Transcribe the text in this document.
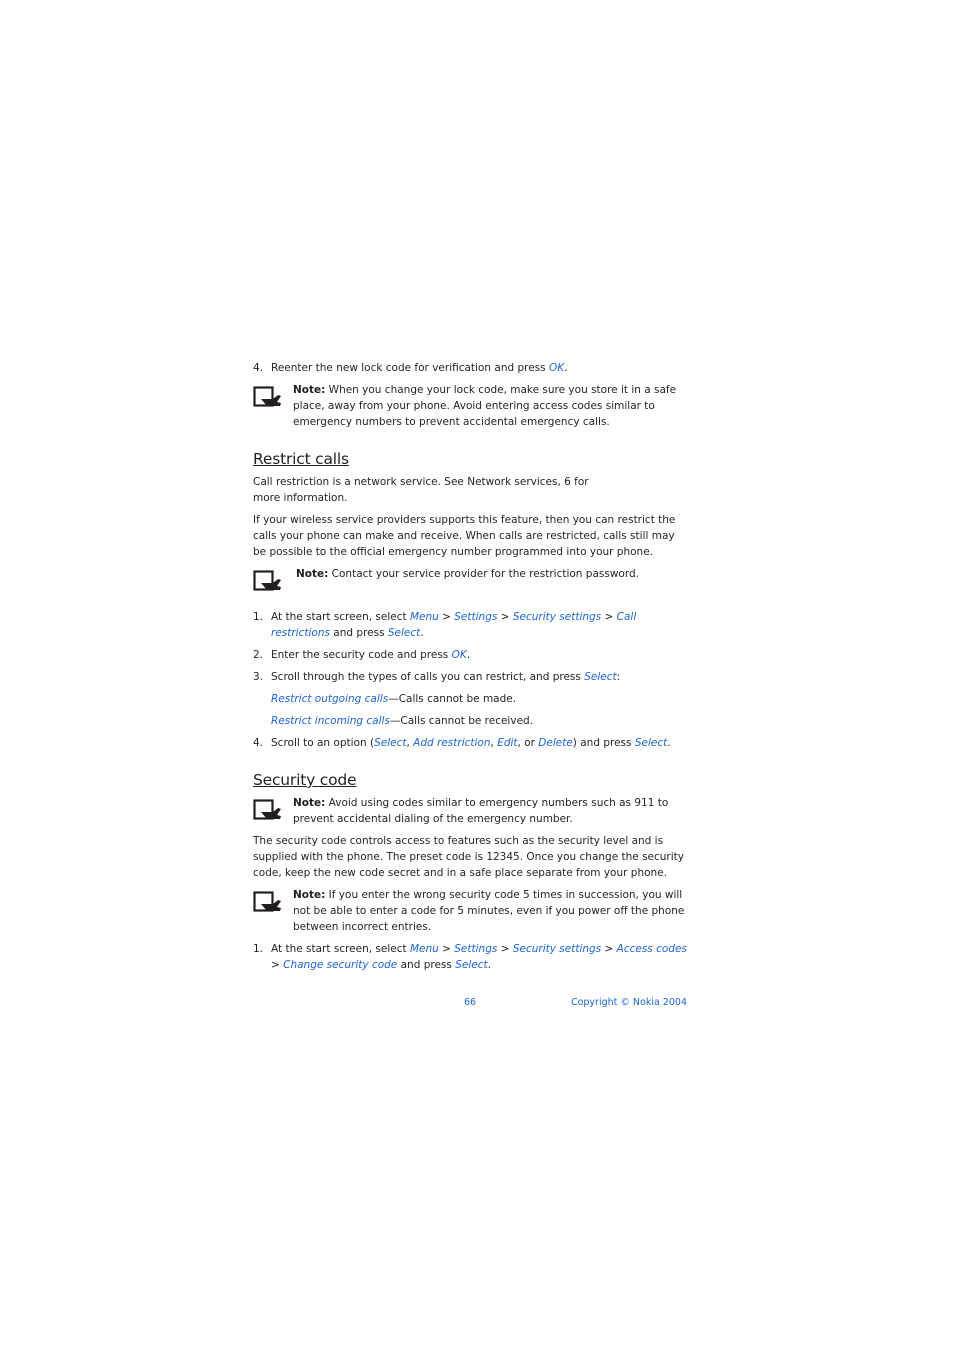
4. Reenter the new lock code for verification and press OK.
Note: When you change your lock code, make sure you store it in a safe place, away from your phone. Avoid entering access codes similar to emergency numbers to prevent accidental emergency calls.
Restrict calls

Call restriction is a network service. See Network services, 6 for
more information.

If your wireless service providers supports this feature, then you can restrict the calls your phone can make and receive. When calls are restricted, calls still may be possible to the official emergency number programmed into your phone.

Note: Contact your service provider for the restriction password.
1. At the start screen, select Menu > Settings > Security settings > Call restrictions and press Select.
2. Enter the security code and press OK.
3. Scroll through the types of calls you can restrict, and press Select:
Restrict outgoing calls—Calls cannot be made.
Restrict incoming calls—Calls cannot be received.
4. Scroll to an option (Select, Add restriction, Edit, or Delete) and press Select.
Security code
Note: Avoid using codes similar to emergency numbers such as 911 to prevent accidental dialing of the emergency number.

The security code controls access to features such as the security level and is supplied with the phone. The preset code is 12345. Once you change the security code, keep the new code secret and in a safe place separate from your phone.

Note: If you enter the wrong security code 5 times in succession, you will not be able to enter a code for 5 minutes, even if you power off the phone between incorrect entries.
1. At the start screen, select Menu > Settings > Security settings > Access codes > Change security code and press Select.
66	Copyright © Nokia 2004
